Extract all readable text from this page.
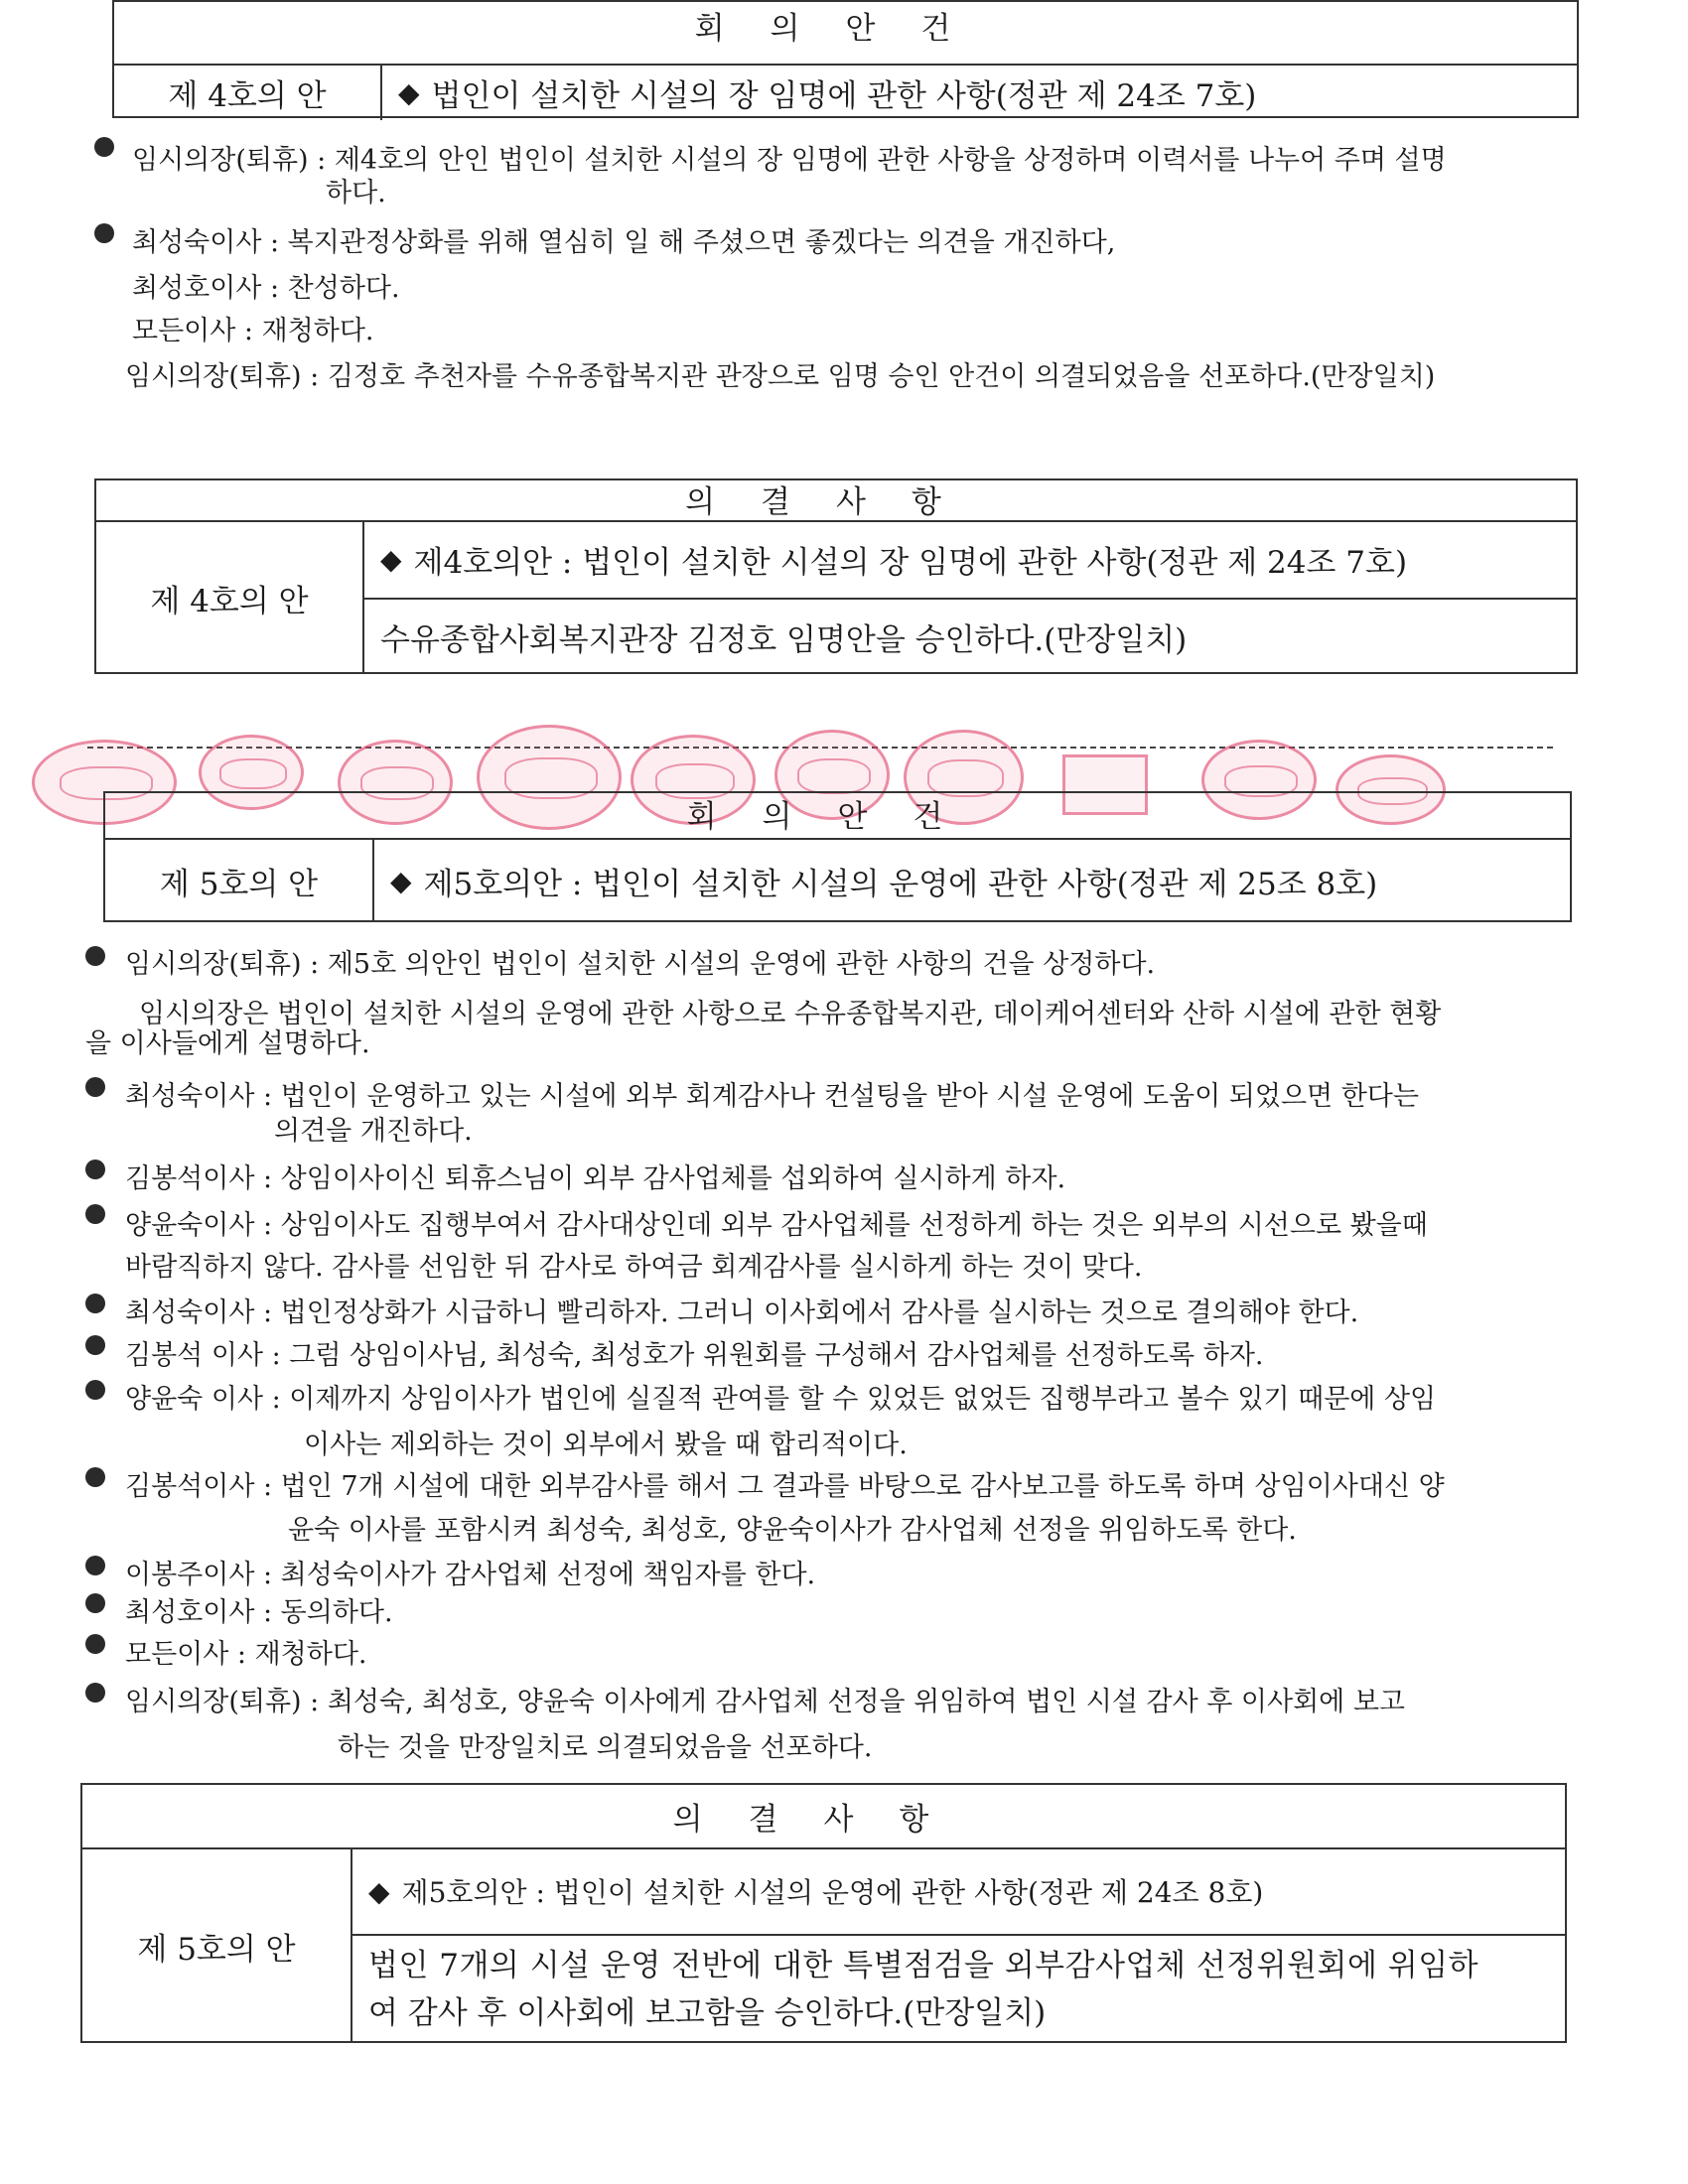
회의안건
제 4호의 안	◆ 법인이 설치한 시설의 장 임명에 관한 사항(정관 제 24조 7호)
임시의장(퇴휴) : 제4호의 안인 법인이 설치한 시설의 장 임명에 관한 사항을 상정하며 이력서를 나누어 주며 설명
하다.
최성숙이사 : 복지관정상화를 위해 열심히 일 해 주셨으면 좋겠다는 의견을 개진하다,
최성호이사 : 찬성하다.
모든이사 : 재청하다.
임시의장(퇴휴) : 김정호 추천자를 수유종합복지관 관장으로 임명 승인 안건이 의결되었음을 선포하다.(만장일치)
의결사항
제 4호의 안
◆ 제4호의안 : 법인이 설치한 시설의 장 임명에 관한 사항(정관 제 24조 7호)
수유종합사회복지관장 김정호 임명안을 승인하다.(만장일치)
회의안건
제 5호의 안	◆ 제5호의안 : 법인이 설치한 시설의 운영에 관한 사항(정관 제 25조 8호)
임시의장(퇴휴) : 제5호 의안인 법인이 설치한 시설의 운영에 관한 사항의 건을 상정하다.
임시의장은 법인이 설치한 시설의 운영에 관한 사항으로 수유종합복지관, 데이케어센터와 산하 시설에 관한 현황
을 이사들에게 설명하다.
최성숙이사 : 법인이 운영하고 있는 시설에 외부 회계감사나 컨설팅을 받아 시설 운영에 도움이 되었으면 한다는
의견을 개진하다.
김봉석이사 : 상임이사이신 퇴휴스님이 외부 감사업체를 섭외하여 실시하게 하자.
양윤숙이사 : 상임이사도 집행부여서 감사대상인데 외부 감사업체를 선정하게 하는 것은 외부의 시선으로 봤을때
바람직하지 않다. 감사를 선임한 뒤 감사로 하여금 회계감사를 실시하게 하는 것이 맞다.
최성숙이사 : 법인정상화가 시급하니 빨리하자. 그러니 이사회에서 감사를 실시하는 것으로 결의해야 한다.
김봉석 이사 : 그럼 상임이사님, 최성숙, 최성호가 위원회를 구성해서 감사업체를 선정하도록 하자.
양윤숙 이사 : 이제까지 상임이사가 법인에 실질적 관여를 할 수 있었든 없었든 집행부라고 볼수 있기 때문에 상임
이사는 제외하는 것이 외부에서 봤을 때 합리적이다.
김봉석이사 : 법인 7개 시설에 대한 외부감사를 해서 그 결과를 바탕으로 감사보고를 하도록 하며 상임이사대신 양
윤숙 이사를 포함시켜 최성숙, 최성호, 양윤숙이사가 감사업체 선정을 위임하도록 한다.
이봉주이사 : 최성숙이사가 감사업체 선정에 책임자를 한다.
최성호이사 : 동의하다.
모든이사 : 재청하다.
임시의장(퇴휴) : 최성숙, 최성호, 양윤숙 이사에게 감사업체 선정을 위임하여 법인 시설 감사 후 이사회에 보고
하는 것을 만장일치로 의결되었음을 선포하다.
의결사항
제 5호의 안
◆ 제5호의안 : 법인이 설치한 시설의 운영에 관한 사항(정관 제 24조 8호)
법인 7개의 시설 운영 전반에 대한 특별점검을 외부감사업체 선정위원회에 위임하
여 감사 후 이사회에 보고함을 승인하다.(만장일치)
